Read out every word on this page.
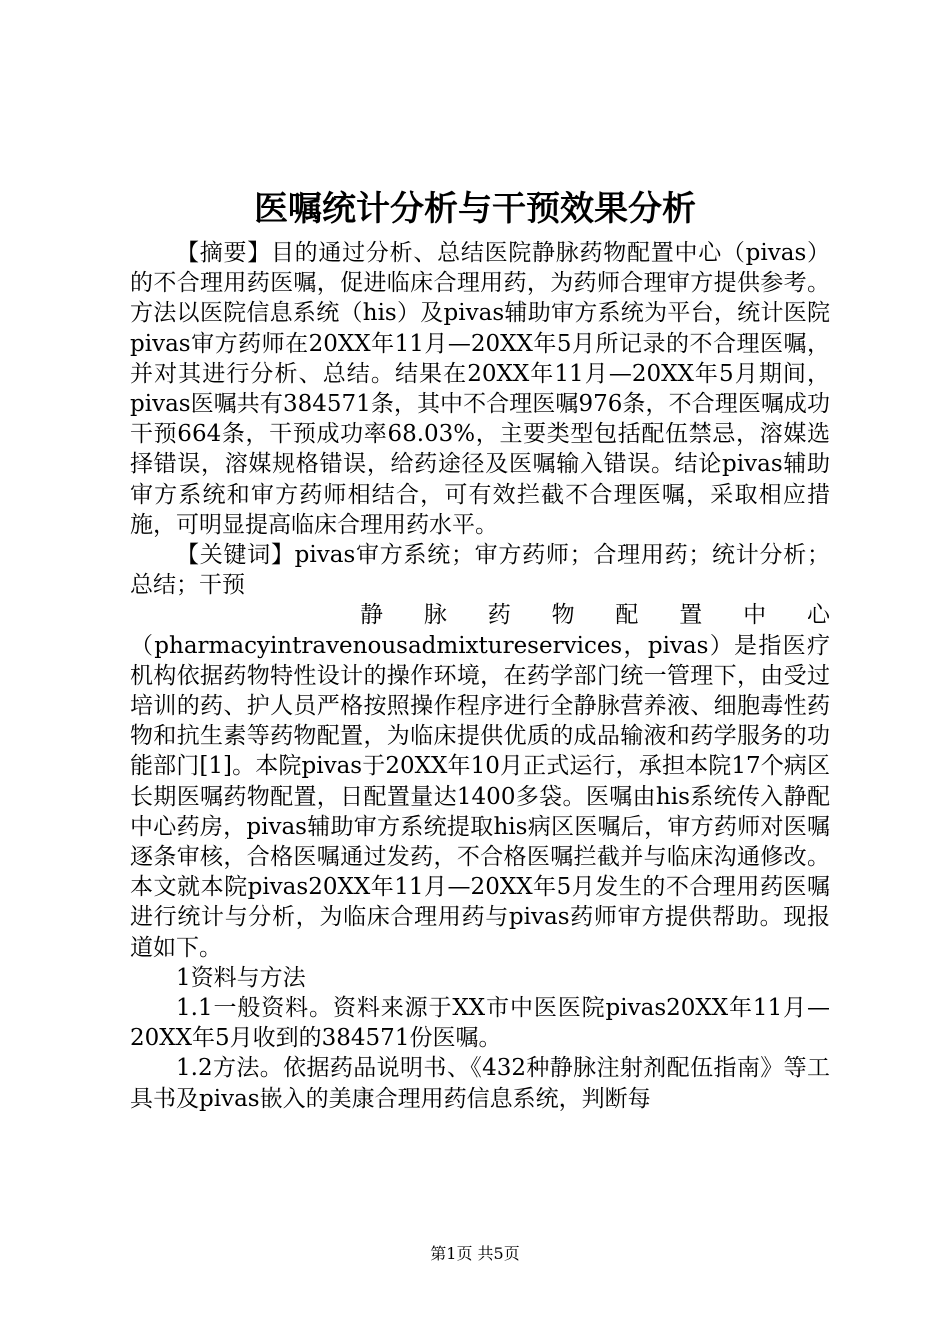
医嘱统计分析与干预效果分析

【摘要】目的通过分析、总结医院静脉药物配置中心（pivas）的不合理用药医嘱，促进临床合理用药，为药师合理审方提供参考。方法以医院信息系统（his）及pivas辅助审方系统为平台，统计医院pivas审方药师在20XX年11月—20XX年5月所记录的不合理医嘱，并对其进行分析、总结。结果在20XX年11月—20XX年5月期间，pivas医嘱共有384571条，其中不合理医嘱976条，不合理医嘱成功干预664条，干预成功率68.03%，主要类型包括配伍禁忌，溶媒选择错误，溶媒规格错误，给药途径及医嘱输入错误。结论pivas辅助审方系统和审方药师相结合，可有效拦截不合理医嘱，采取相应措施，可明显提高临床合理用药水平。

【关键词】pivas审方系统；审方药师；合理用药；统计分析；总结；干预

静脉药物配置中心
（pharmacyintravenousadmixtureservices，pivas）是指医疗机构依据药物特性设计的操作环境，在药学部门统一管理下，由受过培训的药、护人员严格按照操作程序进行全静脉营养液、细胞毒性药物和抗生素等药物配置，为临床提供优质的成品输液和药学服务的功能部门[1]。本院pivas于20XX年10月正式运行，承担本院17个病区长期医嘱药物配置，日配置量达1400多袋。医嘱由his系统传入静配中心药房，pivas辅助审方系统提取his病区医嘱后，审方药师对医嘱逐条审核，合格医嘱通过发药，不合格医嘱拦截并与临床沟通修改。本文就本院pivas20XX年11月—20XX年5月发生的不合理用药医嘱进行统计与分析，为临床合理用药与pivas药师审方提供帮助。现报道如下。

1资料与方法

1.1一般资料。资料来源于XX市中医医院pivas20XX年11月—20XX年5月收到的384571份医嘱。

1.2方法。依据药品说明书、《432种静脉注射剂配伍指南》等工具书及pivas嵌入的美康合理用药信息系统，判断每

第1页 共5页
